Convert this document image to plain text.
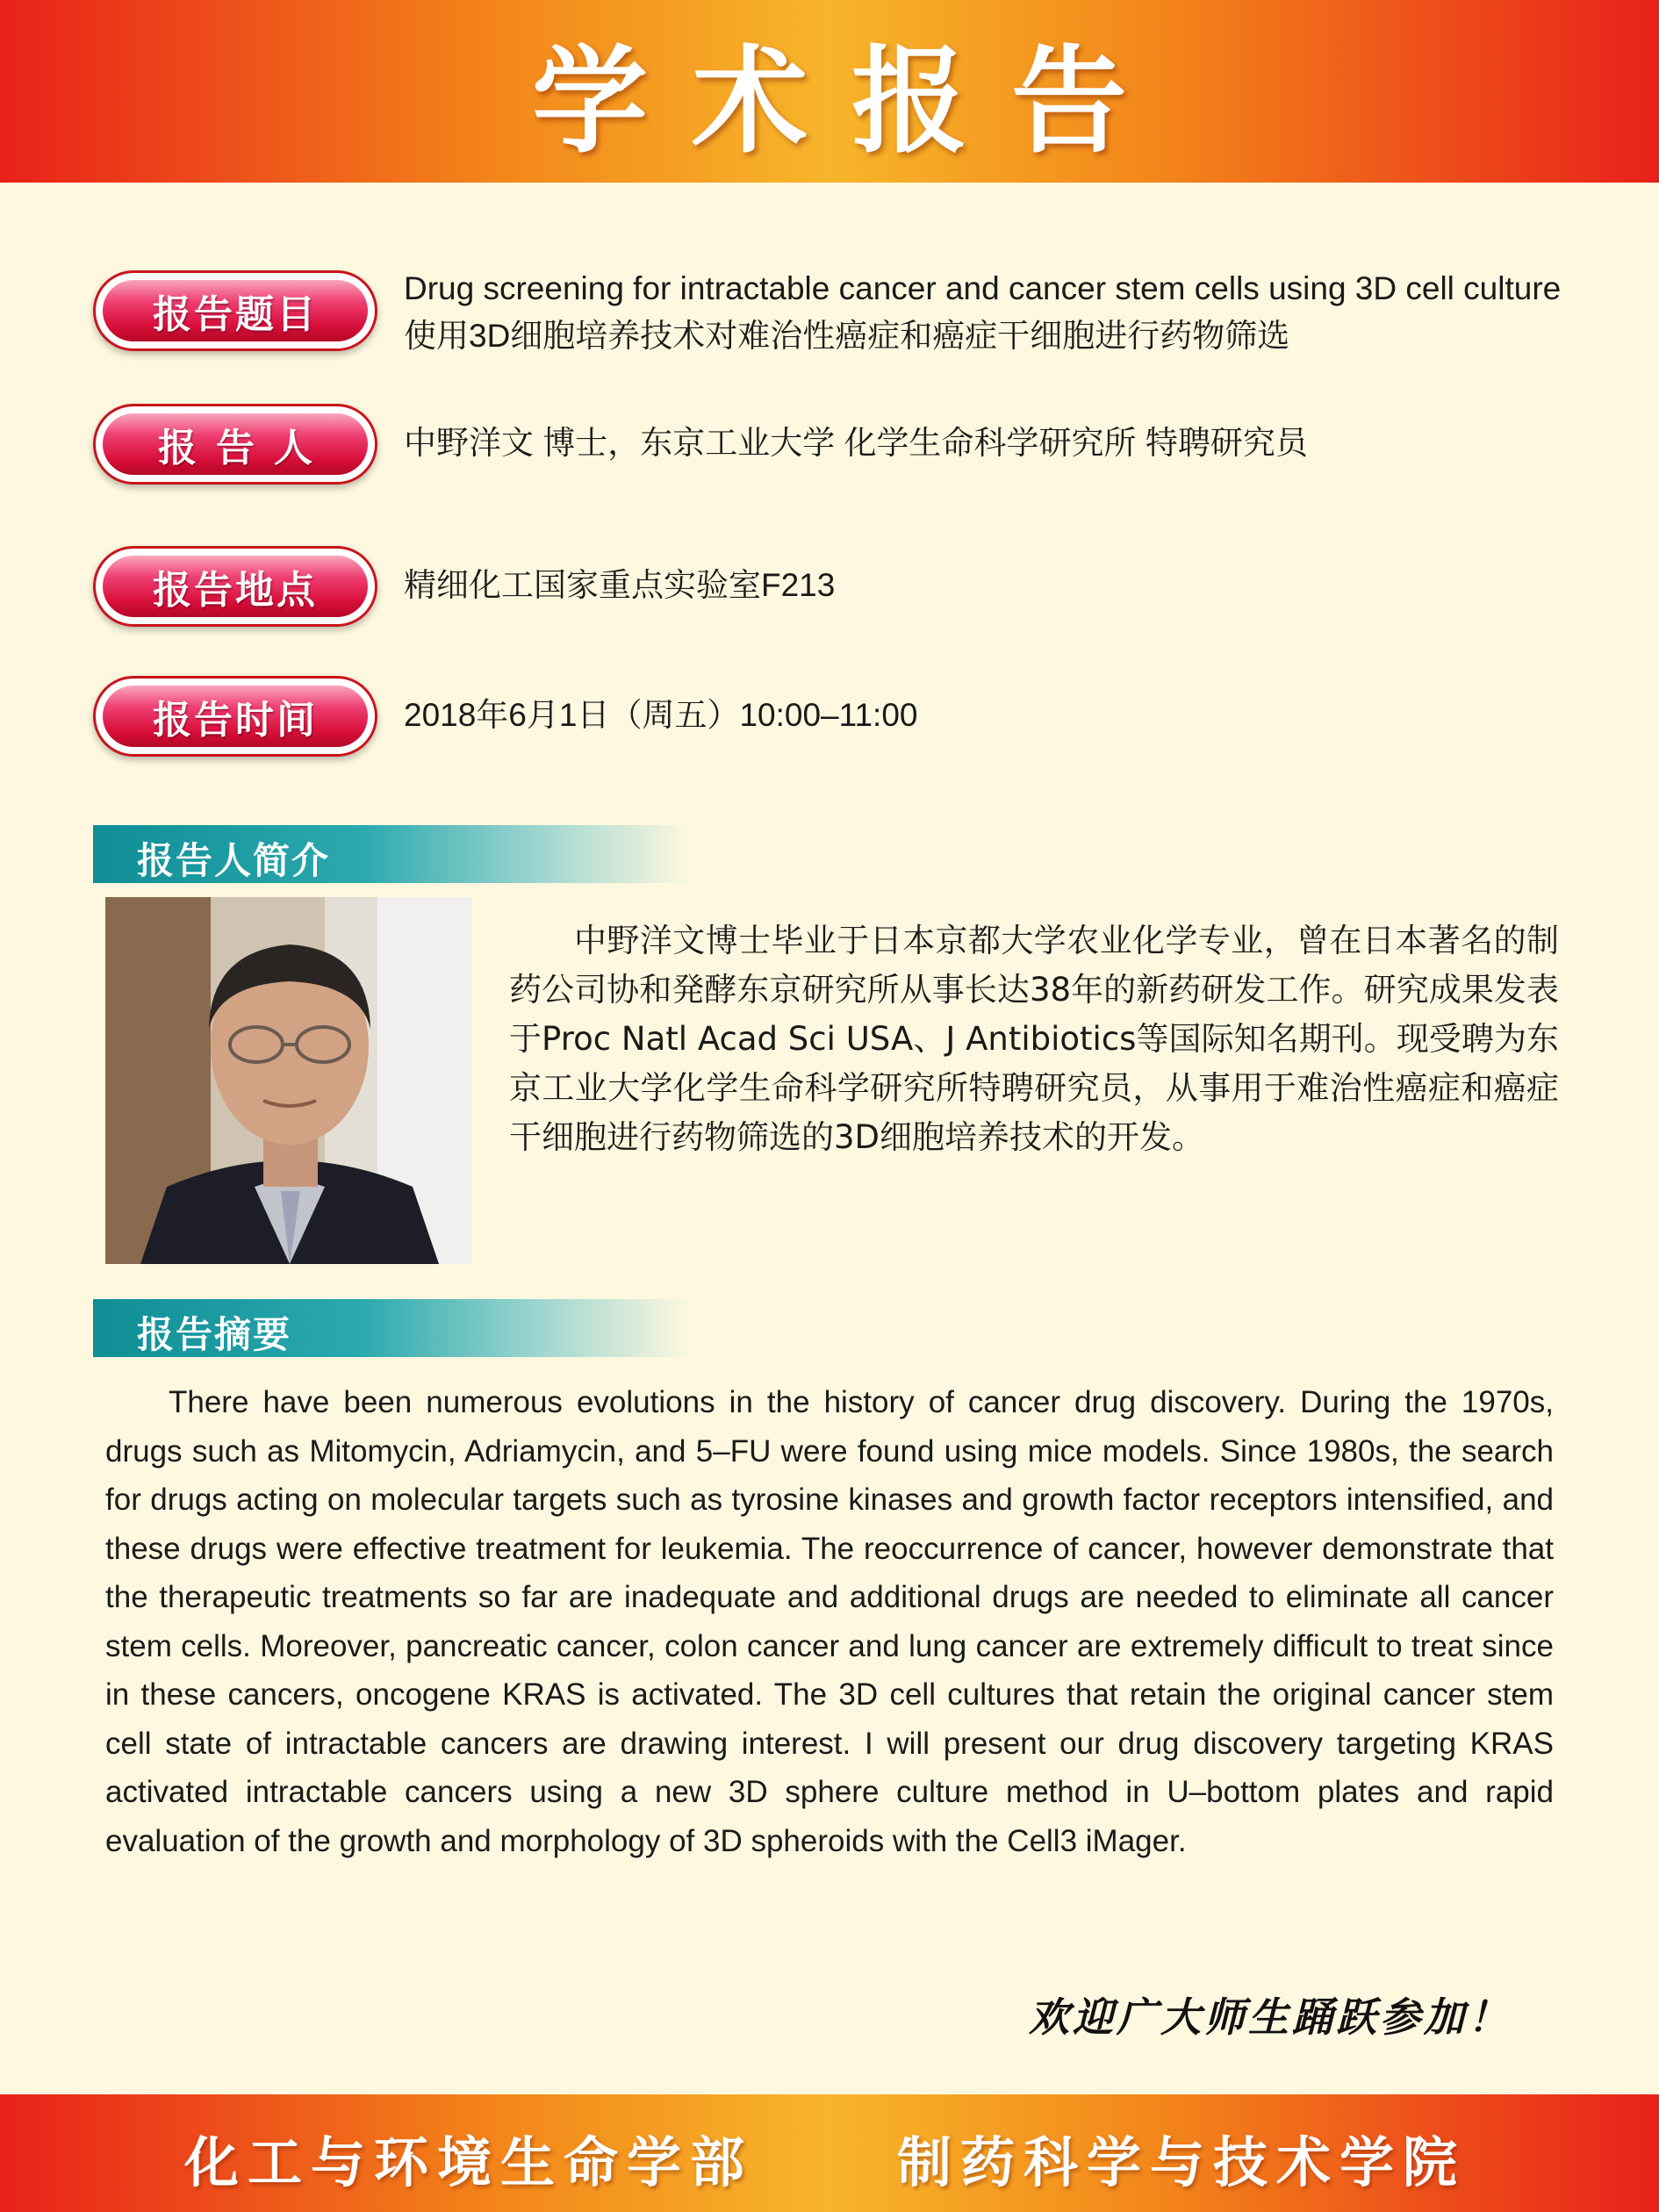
学术报告
报告题目
Drug screening for intractable cancer and cancer stem cells using 3D cell culture
使用3D细胞培养技术对难治性癌症和癌症干细胞进行药物筛选
报告人 中野洋文 博士，东京工业大学 化学生命科学研究所 特聘研究员
报告地点	精细化工国家重点实验室F213
报告时间	2018年6月1日（周五）10:00–11:00
报告人简介
中野洋文博士毕业于日本京都大学农业化学专业，曾在日本著名的制药公司协和発酵东京研究所从事长达38年的新药研发工作。研究成果发表于Proc Natl Acad Sci USA、J Antibiotics等国际知名期刊。现受聘为东京工业大学化学生命科学研究所特聘研究员，从事用于难治性癌症和癌症干细胞进行药物筛选的3D细胞培养技术的开发。
报告摘要
There have been numerous evolutions in the history of cancer drug discovery. During the 1970s, drugs such as Mitomycin, Adriamycin, and 5–FU were found using mice models. Since 1980s, the search for drugs acting on molecular targets such as tyrosine kinases and growth factor receptors intensified, and these drugs were effective treatment for leukemia. The reoccurrence of cancer, however demonstrate that the therapeutic treatments so far are inadequate and additional drugs are needed to eliminate all cancer stem cells. Moreover, pancreatic cancer, colon cancer and lung cancer are extremely difficult to treat since in these cancers, oncogene KRAS is activated. The 3D cell cultures that retain the original cancer stem cell state of intractable cancers are drawing interest. I will present our drug discovery targeting KRAS activated intractable cancers using a new 3D sphere culture method in U–bottom plates and rapid evaluation of the growth and morphology of 3D spheroids with the Cell3 iMager.
欢迎广大师生踊跃参加！
化工与环境生命学部	制药科学与技术学院
